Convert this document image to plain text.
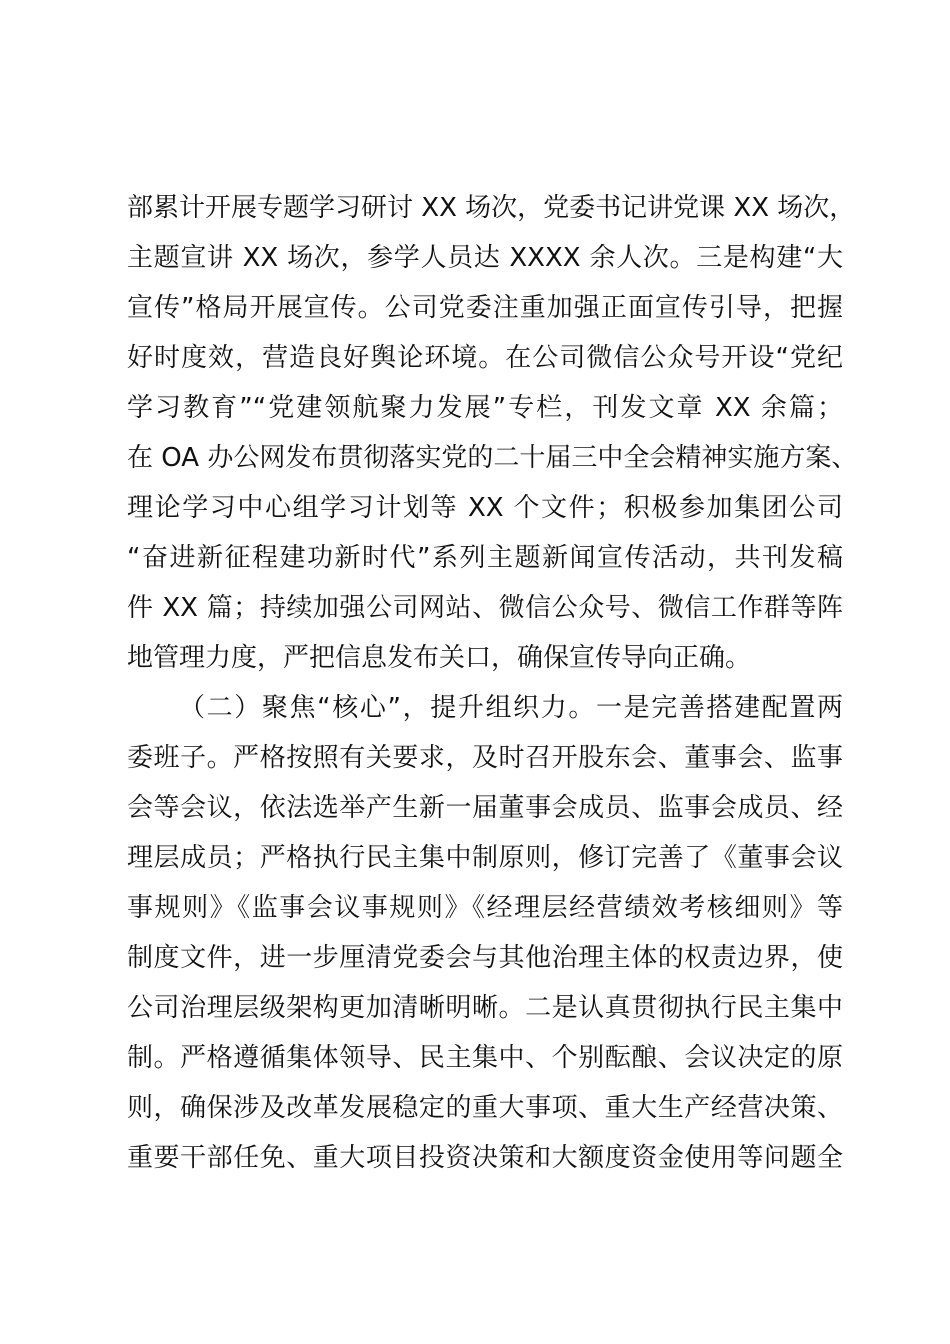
部累计开展专题学习研讨 XX 场次，党委书记讲党课 XX 场次，
主题宣讲 XX 场次，参学人员达 XXXX 余人次。三是构建“大
宣传”格局开展宣传。公司党委注重加强正面宣传引导，把握
好时度效，营造良好舆论环境。在公司微信公众号开设“党纪
学习教育”“党建领航聚力发展”专栏，刊发文章 XX 余篇；
在 OA 办公网发布贯彻落实党的二十届三中全会精神实施方案、
理论学习中心组学习计划等 XX 个文件；积极参加集团公司
“奋进新征程建功新时代”系列主题新闻宣传活动，共刊发稿
件 XX 篇；持续加强公司网站、微信公众号、微信工作群等阵
地管理力度，严把信息发布关口，确保宣传导向正确。
（二）聚焦“核心”，提升组织力。一是完善搭建配置两
委班子。严格按照有关要求，及时召开股东会、董事会、监事
会等会议，依法选举产生新一届董事会成员、监事会成员、经
理层成员；严格执行民主集中制原则，修订完善了《董事会议
事规则》《监事会议事规则》《经理层经营绩效考核细则》等
制度文件，进一步厘清党委会与其他治理主体的权责边界，使
公司治理层级架构更加清晰明晰。二是认真贯彻执行民主集中
制。严格遵循集体领导、民主集中、个别酝酿、会议决定的原
则，确保涉及改革发展稳定的重大事项、重大生产经营决策、
重要干部任免、重大项目投资决策和大额度资金使用等问题全
